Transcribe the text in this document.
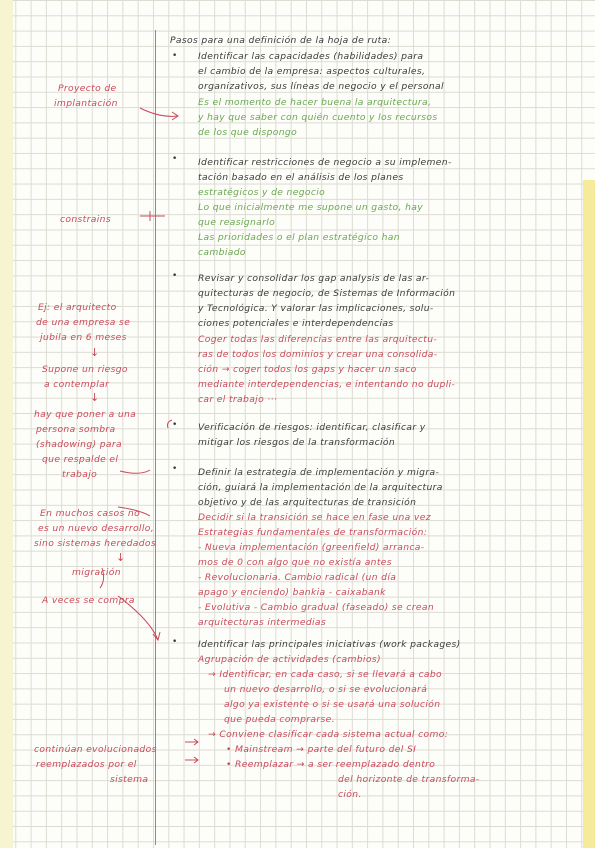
Pasos para una definición de la hoja de ruta:

• Identificar las capacidades (habilidades) para

el cambio de la empresa: aspectos culturales,

organizativos, sus líneas de negocio y el personal

Es el momento de hacer buena la arquitectura,

y hay que saber con quién cuento y los recursos

de los que dispongo

• Identificar restricciones de negocio a su implemen-

tación basado en el análisis de los planes

estratégicos y de negocio

Lo que inicialmente me supone un gasto, hay

que reasignarlo

Las prioridades o el plan estratégico han

cambiado

• Revisar y consolidar los gap analysis de las ar-

quitecturas de negocio, de Sistemas de Información

y Tecnológica. Y valorar las implicaciones, solu-

ciones potenciales e interdependencias

Coger todas las diferencias entre las arquitectu-

ras de todos los dominios y crear una consolida-

ción → coger todos los gaps y hacer un saco

mediante interdependencias, e intentando no dupli-

car el trabajo ···

• Verificación de riesgos: identificar, clasificar y

mitigar los riesgos de la transformación

• Definir la estrategia de implementación y migra-

ción, guiará la implementación de la arquitectura

objetivo y de las arquitecturas de transición

Decidir si la transición se hace en fase una vez

Estrategias fundamentales de transformación:

- Nueva implementación (greenfield) arranca-

mos de 0 con algo que no existía antes

- Revolucionaria. Cambio radical (un día

apago y enciendo) bankia - caixabank

- Evolutiva - Cambio gradual (faseado) se crean

arquitecturas intermedias

• Identificar las principales iniciativas (work packages)

Agrupación de actividades (cambios)

→ Identificar, en cada caso, si se llevará a cabo

un nuevo desarrollo, o si se evolucionará

algo ya existente o si se usará una solución

que pueda comprarse.

→ Conviene clasificar cada sistema actual como:

• Mainstream → parte del futuro del SI

• Reemplazar → a ser reemplazado dentro

del horizonte de transforma-

ción.

Proyecto de

implantación

constrains

Ej: el arquitecto

de una empresa se

jubila en 6 meses

↓

Supone un riesgo

a contemplar

↓

hay que poner a una

persona sombra

(shadowing) para

que respalde el

trabajo

En muchos casos no

es un nuevo desarrollo,

sino sistemas heredados

↓

migración

A veces se compra

continúan evolucionados

reemplazados por el

sistema
